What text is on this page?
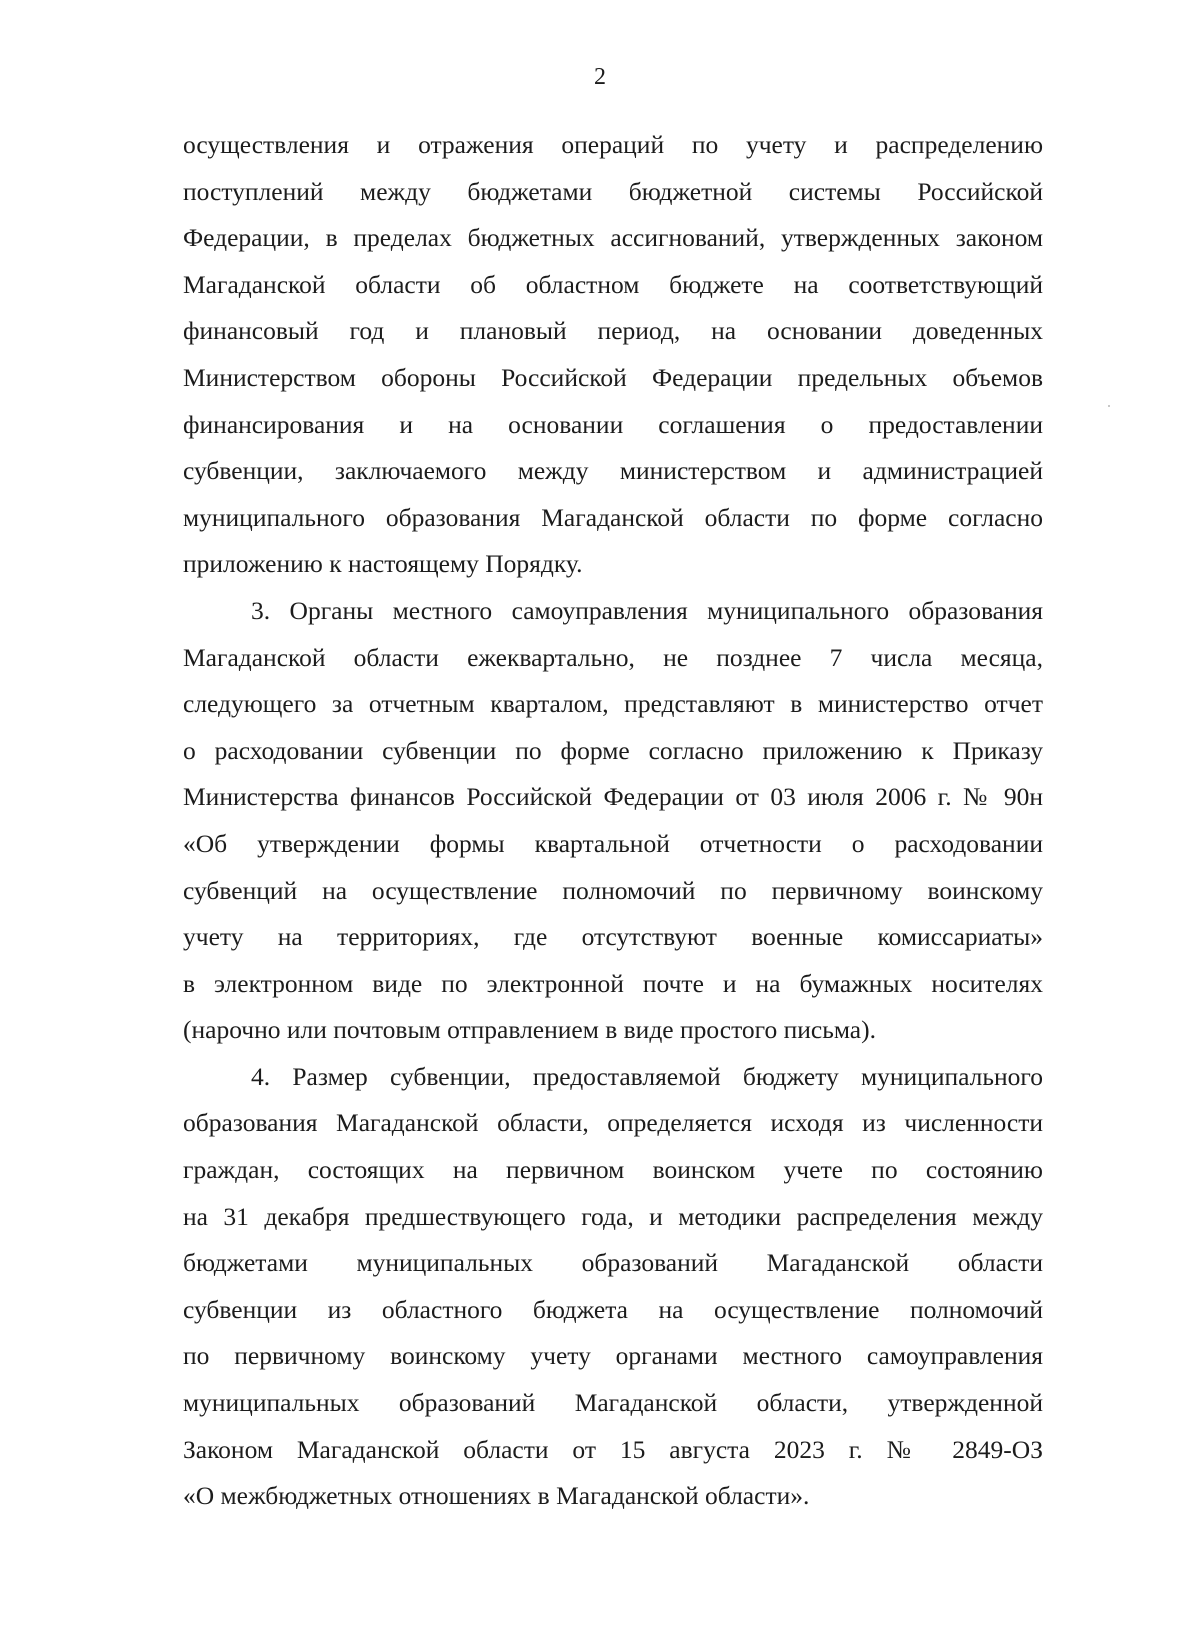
2
осуществления и отражения операций по учету и распределению
поступлений между бюджетами бюджетной системы Российской
Федерации, в пределах бюджетных ассигнований, утвержденных законом
Магаданской области об областном бюджете на соответствующий
финансовый год и плановый период, на основании доведенных
Министерством обороны Российской Федерации предельных объемов
финансирования и на основании соглашения о предоставлении
субвенции, заключаемого между министерством и администрацией
муниципального образования Магаданской области по форме согласно
приложению к настоящему Порядку.
3. Органы местного самоуправления муниципального образования
Магаданской области ежеквартально, не позднее 7 числа месяца,
следующего за отчетным кварталом, представляют в министерство отчет
о расходовании субвенции по форме согласно приложению к Приказу
Министерства финансов Российской Федерации от 03 июля 2006 г. № 90н
«Об утверждении формы квартальной отчетности о расходовании
субвенций на осуществление полномочий по первичному воинскому
учету на территориях, где отсутствуют военные комиссариаты»
в электронном виде по электронной почте и на бумажных носителях
(нарочно или почтовым отправлением в виде простого письма).
4. Размер субвенции, предоставляемой бюджету муниципального
образования Магаданской области, определяется исходя из численности
граждан, состоящих на первичном воинском учете по состоянию
на 31 декабря предшествующего года, и методики распределения между
бюджетами муниципальных образований Магаданской области
субвенции из областного бюджета на осуществление полномочий
по первичному воинскому учету органами местного самоуправления
муниципальных образований Магаданской области, утвержденной
Законом Магаданской области от 15 августа 2023 г. № 2849-ОЗ
«О межбюджетных отношениях в Магаданской области».
